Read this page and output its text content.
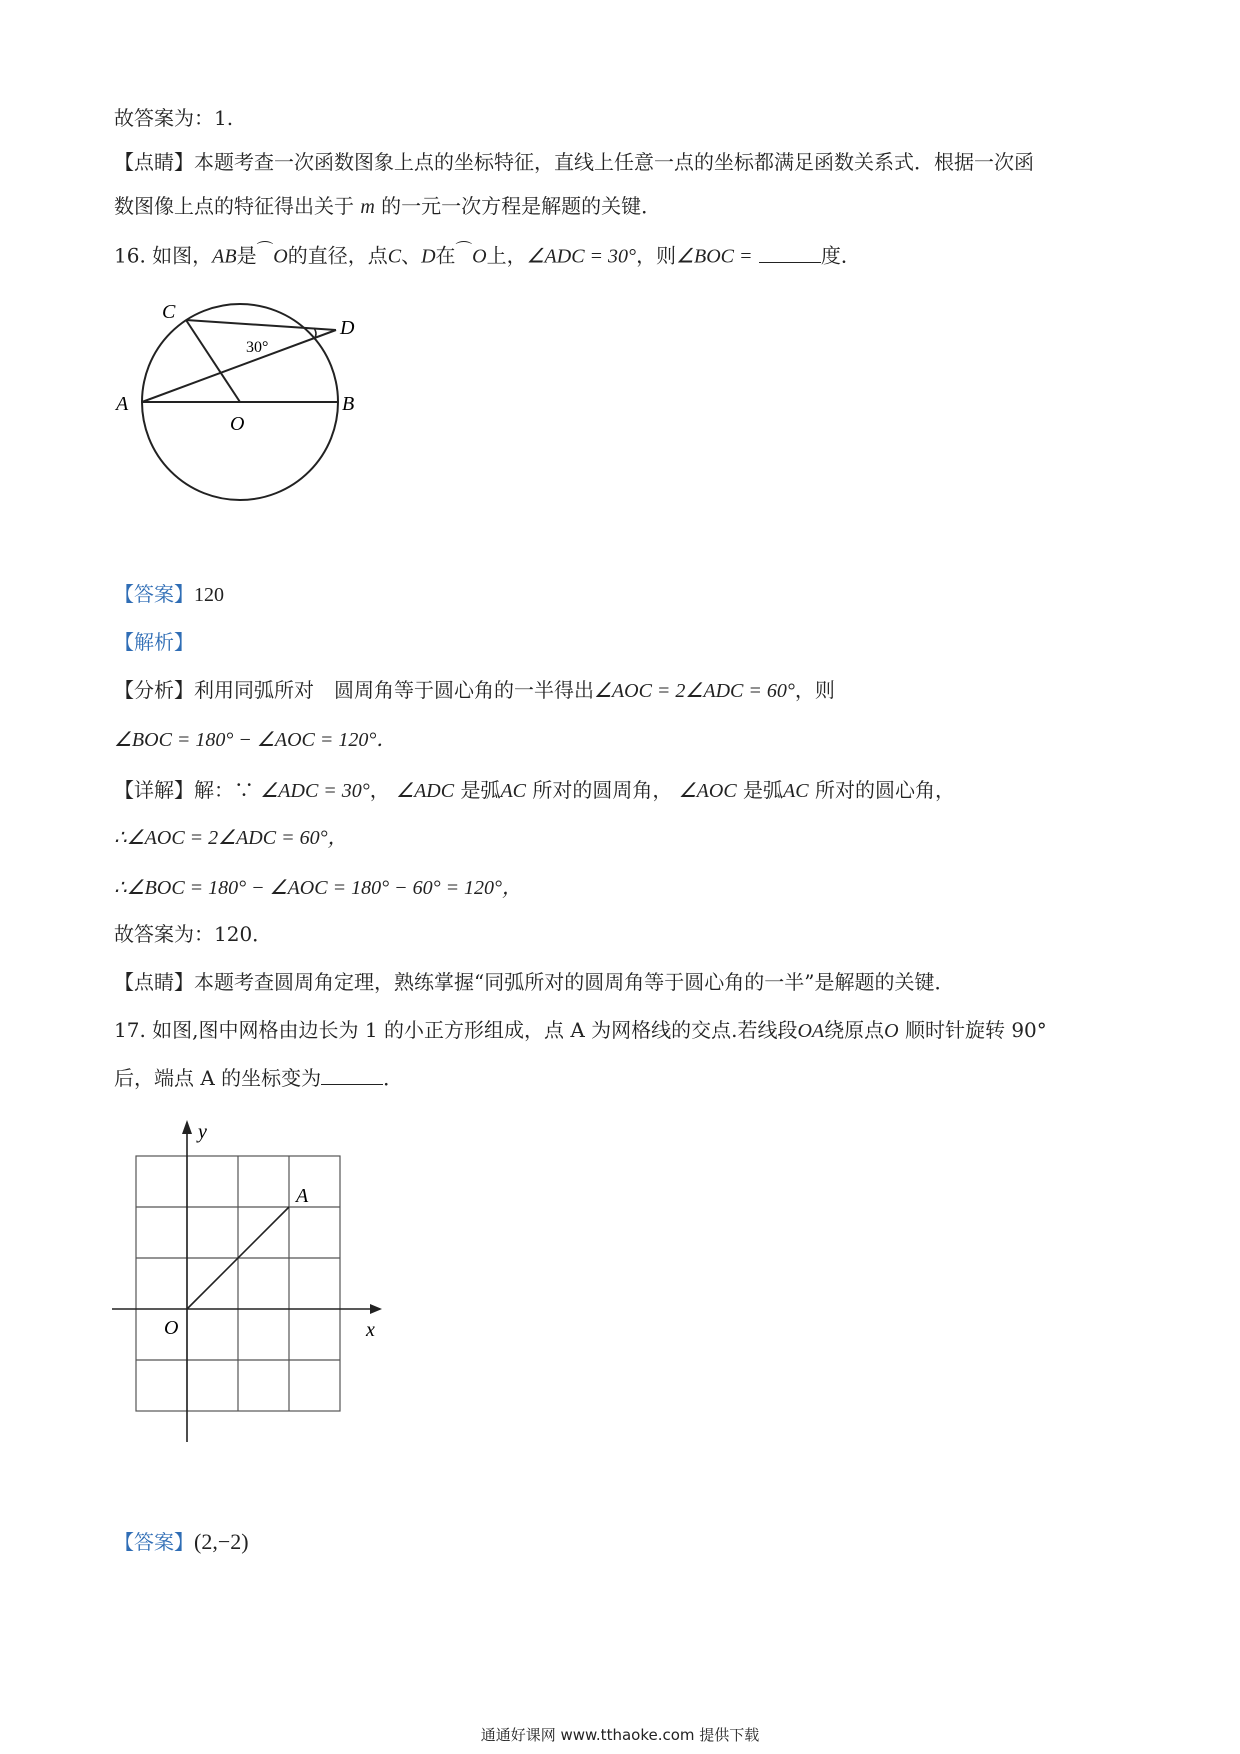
故答案为：1.
【点睛】本题考查一次函数图象上点的坐标特征，直线上任意一点的坐标都满足函数关系式．根据一次函
数图像上点的特征得出关于 m 的一元一次方程是解题的关键．
16. 如图，AB是⌒O的直径，点C、D在⌒O上，∠ADC = 30°，则∠BOC =	度．
A	B
C
D
O
30°
【答案】120
【解析】
【分析】利用同弧所对　圆周角等于圆心角的一半得出∠AOC = 2∠ADC = 60°，则
∠BOC = 180° − ∠AOC = 120°．
【详解】解：∵ ∠ADC = 30°， ∠ADC 是弧AC 所对的圆周角， ∠AOC 是弧AC 所对的圆心角，
∴∠AOC = 2∠ADC = 60°，
∴∠BOC = 180° − ∠AOC = 180° − 60° = 120°，
故答案为：120．
【点睛】本题考查圆周角定理，熟练掌握“同弧所对的圆周角等于圆心角的一半”是解题的关键．
17. 如图,图中网格由边长为 1 的小正方形组成，点 A 为网格线的交点.若线段OA绕原点O 顺时针旋转 90°
后，端点 A 的坐标变为	．
y
x
O
A
【答案】(2,−2)
通通好课网 www.tthaoke.com 提供下载
